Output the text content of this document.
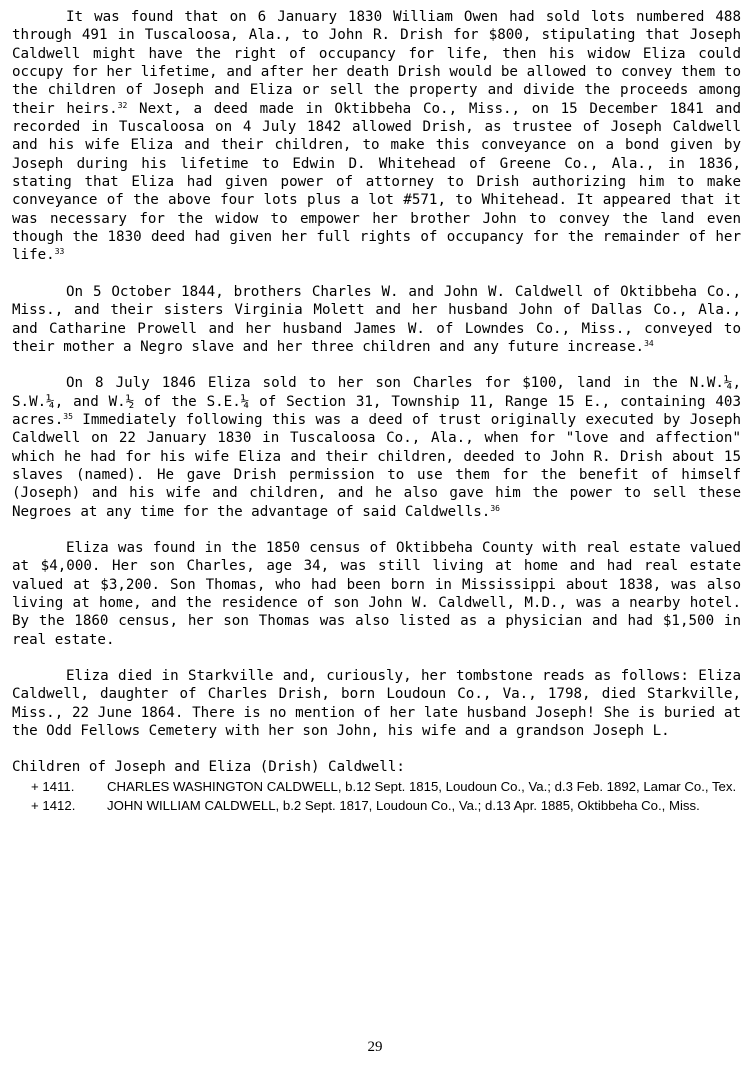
It was found that on 6 January 1830 William Owen had sold lots numbered 488 through 491 in Tuscaloosa, Ala., to John R. Drish for $800, stipulating that Joseph Caldwell might have the right of occupancy for life, then his widow Eliza could occupy for her lifetime, and after her death Drish would be allowed to convey them to the children of Joseph and Eliza or sell the property and divide the proceeds among their heirs.$^{32}$ Next, a deed made in Oktibbeha Co., Miss., on 15 December 1841 and recorded in Tuscaloosa on 4 July 1842 allowed Drish, as trustee of Joseph Caldwell and his wife Eliza and their children, to make this conveyance on a bond given by Joseph during his lifetime to Edwin D. Whitehead of Greene Co., Ala., in 1836, stating that Eliza had given power of attorney to Drish authorizing him to make conveyance of the above four lots plus a lot #571, to Whitehead. It appeared that it was necessary for the widow to empower her brother John to convey the land even though the 1830 deed had given her full rights of occupancy for the remainder of her life.$^{33}$

On 5 October 1844, brothers Charles W. and John W. Caldwell of Oktibbeha Co., Miss., and their sisters Virginia Molett and her husband John of Dallas Co., Ala., and Catharine Prowell and her husband James W. of Lowndes Co., Miss., conveyed to their mother a Negro slave and her three children and any future increase.$^{34}$

On 8 July 1846 Eliza sold to her son Charles for $100, land in the N.W.¼, S.W.¼, and W.½ of the S.E.¼ of Section 31, Township 11, Range 15 E., containing 403 acres.$^{35}$ Immediately following this was a deed of trust originally executed by Joseph Caldwell on 22 January 1830 in Tuscaloosa Co., Ala., when for "love and affection" which he had for his wife Eliza and their children, deeded to John R. Drish about 15 slaves (named). He gave Drish permission to use them for the benefit of himself (Joseph) and his wife and children, and he also gave him the power to sell these Negroes at any time for the advantage of said Caldwells.$^{36}$

Eliza was found in the 1850 census of Oktibbeha County with real estate valued at $4,000. Her son Charles, age 34, was still living at home and had real estate valued at $3,200. Son Thomas, who had been born in Mississippi about 1838, was also living at home, and the residence of son John W. Caldwell, M.D., was a nearby hotel. By the 1860 census, her son Thomas was also listed as a physician and had $1,500 in real estate.

Eliza died in Starkville and, curiously, her tombstone reads as follows: Eliza Caldwell, daughter of Charles Drish, born Loudoun Co., Va., 1798, died Starkville, Miss., 22 June 1864. There is no mention of her late husband Joseph! She is buried at the Odd Fellows Cemetery with her son John, his wife and a grandson Joseph L.

Children of Joseph and Eliza (Drish) Caldwell:

+ 1411. CHARLES WASHINGTON CALDWELL, b.12 Sept. 1815, Loudoun Co., Va.; d.3 Feb. 1892, Lamar Co., Tex.
+ 1412. JOHN WILLIAM CALDWELL, b.2 Sept. 1817, Loudoun Co., Va.; d.13 Apr. 1885, Oktibbeha Co., Miss.
29
